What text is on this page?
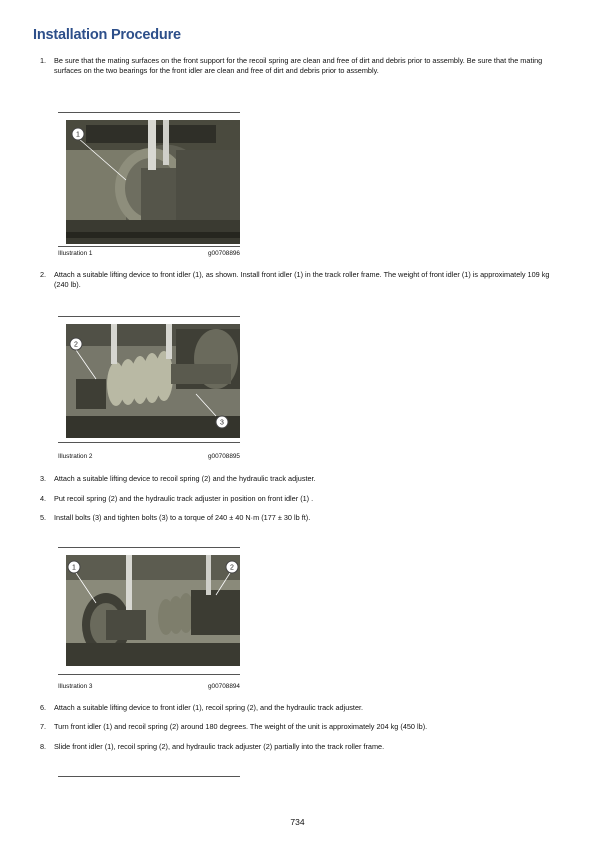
Installation Procedure
1. Be sure that the mating surfaces on the front support for the recoil spring are clean and free of dirt and debris prior to assembly. Be sure that the mating surfaces on the two bearings for the front idler are clean and free of dirt and debris prior to assembly.
1
Illustration 1	g00708896
2. Attach a suitable lifting device to front idler (1), as shown. Install front idler (1) in the track roller frame. The weight of front idler (1) is approximately 109 kg (240 lb).
2
3
Illustration 2	g00708895
3. Attach a suitable lifting device to recoil spring (2) and the hydraulic track adjuster.
4. Put recoil spring (2) and the hydraulic track adjuster in position on front idler (1) .
5. Install bolts (3) and tighten bolts (3) to a torque of 240 ± 40 N·m (177 ± 30 lb ft).
1	2
Illustration 3	g00708894
6. Attach a suitable lifting device to front idler (1), recoil spring (2), and the hydraulic track adjuster.
7. Turn front idler (1) and recoil spring (2) around 180 degrees. The weight of the unit is approximately 204 kg (450 lb).
8. Slide front idler (1), recoil spring (2), and hydraulic track adjuster (2) partially into the track roller frame.
734
